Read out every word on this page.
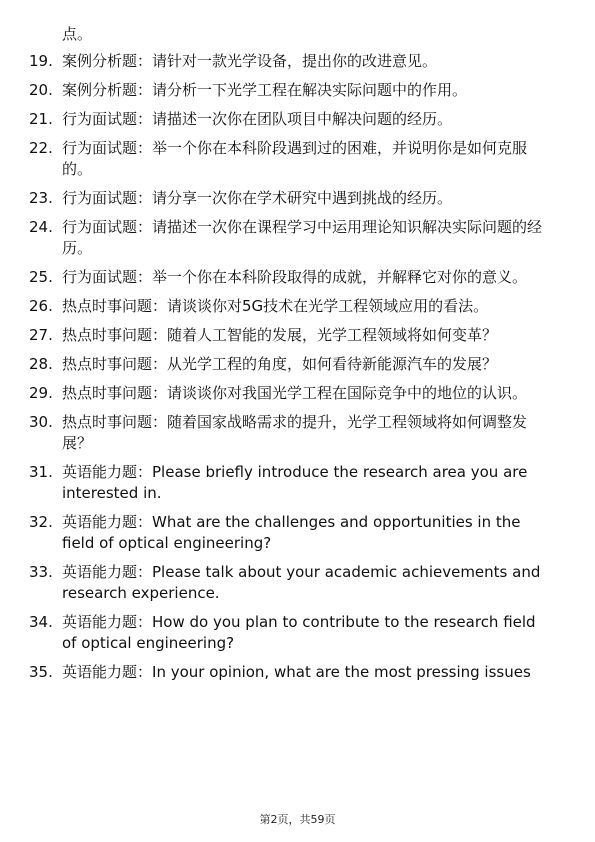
点。

19. 案例分析题：请针对一款光学设备，提出你的改进意见。
20. 案例分析题：请分析一下光学工程在解决实际问题中的作用。
21. 行为面试题：请描述一次你在团队项目中解决问题的经历。
22. 行为面试题：举一个你在本科阶段遇到过的困难，并说明你是如何克服的。
23. 行为面试题：请分享一次你在学术研究中遇到挑战的经历。
24. 行为面试题：请描述一次你在课程学习中运用理论知识解决实际问题的经历。
25. 行为面试题：举一个你在本科阶段取得的成就，并解释它对你的意义。
26. 热点时事问题：请谈谈你对5G技术在光学工程领域应用的看法。
27. 热点时事问题：随着人工智能的发展，光学工程领域将如何变革？
28. 热点时事问题：从光学工程的角度，如何看待新能源汽车的发展？
29. 热点时事问题：请谈谈你对我国光学工程在国际竞争中的地位的认识。
30. 热点时事问题：随着国家战略需求的提升，光学工程领域将如何调整发展？
31. 英语能力题：Please briefly introduce the research area you are interested in.
32. 英语能力题：What are the challenges and opportunities in the field of optical engineering?
33. 英语能力题：Please talk about your academic achievements and research experience.
34. 英语能力题：How do you plan to contribute to the research field of optical engineering?
35. 英语能力题：In your opinion, what are the most pressing issues
第2页，共59页
